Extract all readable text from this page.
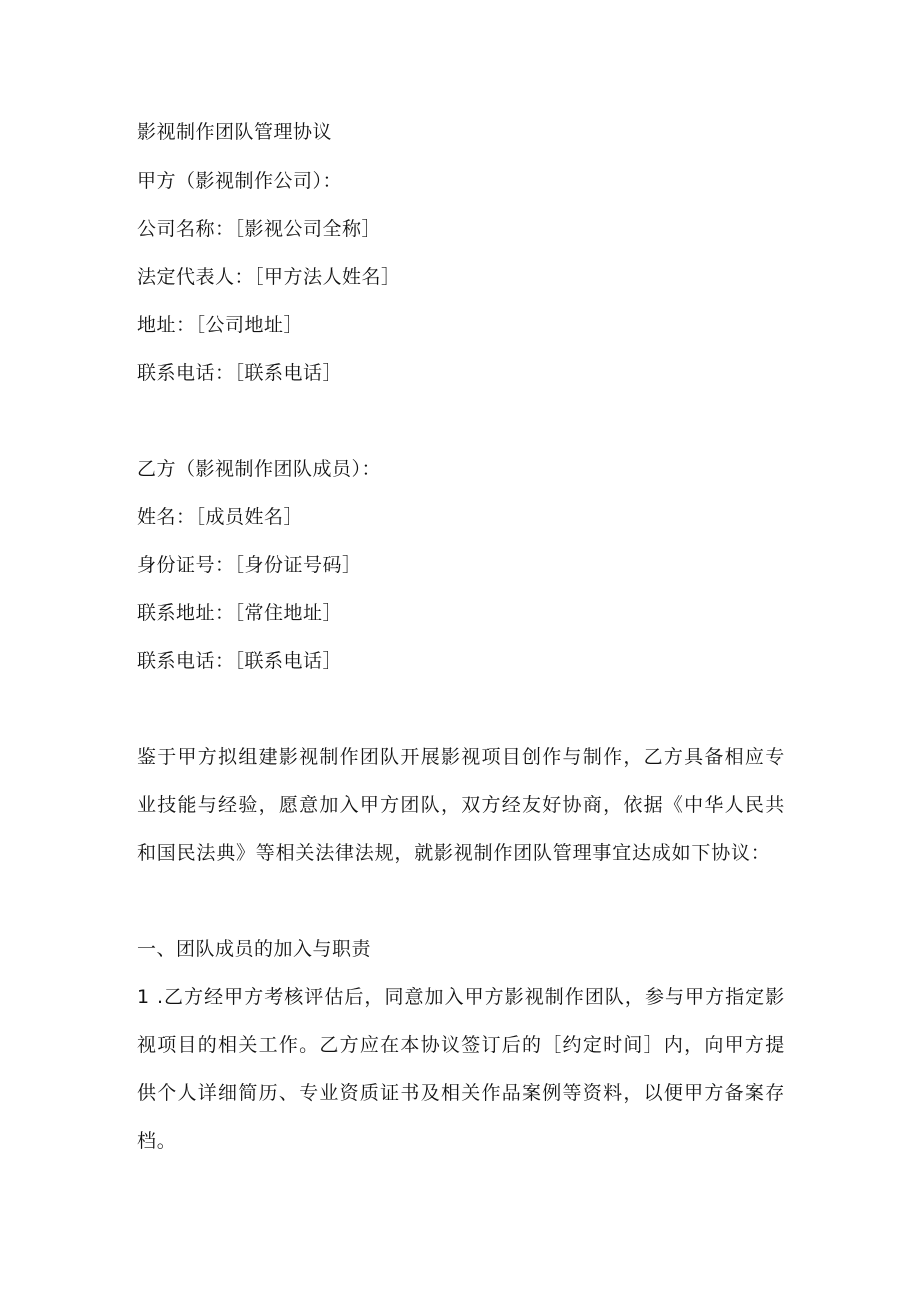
影视制作团队管理协议
甲方（影视制作公司）：
公司名称：［影视公司全称］
法定代表人：［甲方法人姓名］
地址：［公司地址］
联系电话：［联系电话］
乙方（影视制作团队成员）：
姓名：［成员姓名］
身份证号：［身份证号码］
联系地址：［常住地址］
联系电话：［联系电话］
鉴于甲方拟组建影视制作团队开展影视项目创作与制作，乙方具备相应专业技能与经验，愿意加入甲方团队，双方经友好协商，依据《中华人民共和国民法典》等相关法律法规，就影视制作团队管理事宜达成如下协议：
一、团队成员的加入与职责
1 .乙方经甲方考核评估后，同意加入甲方影视制作团队，参与甲方指定影视项目的相关工作。乙方应在本协议签订后的［约定时间］内，向甲方提供个人详细简历、专业资质证书及相关作品案例等资料，以便甲方备案存档。
